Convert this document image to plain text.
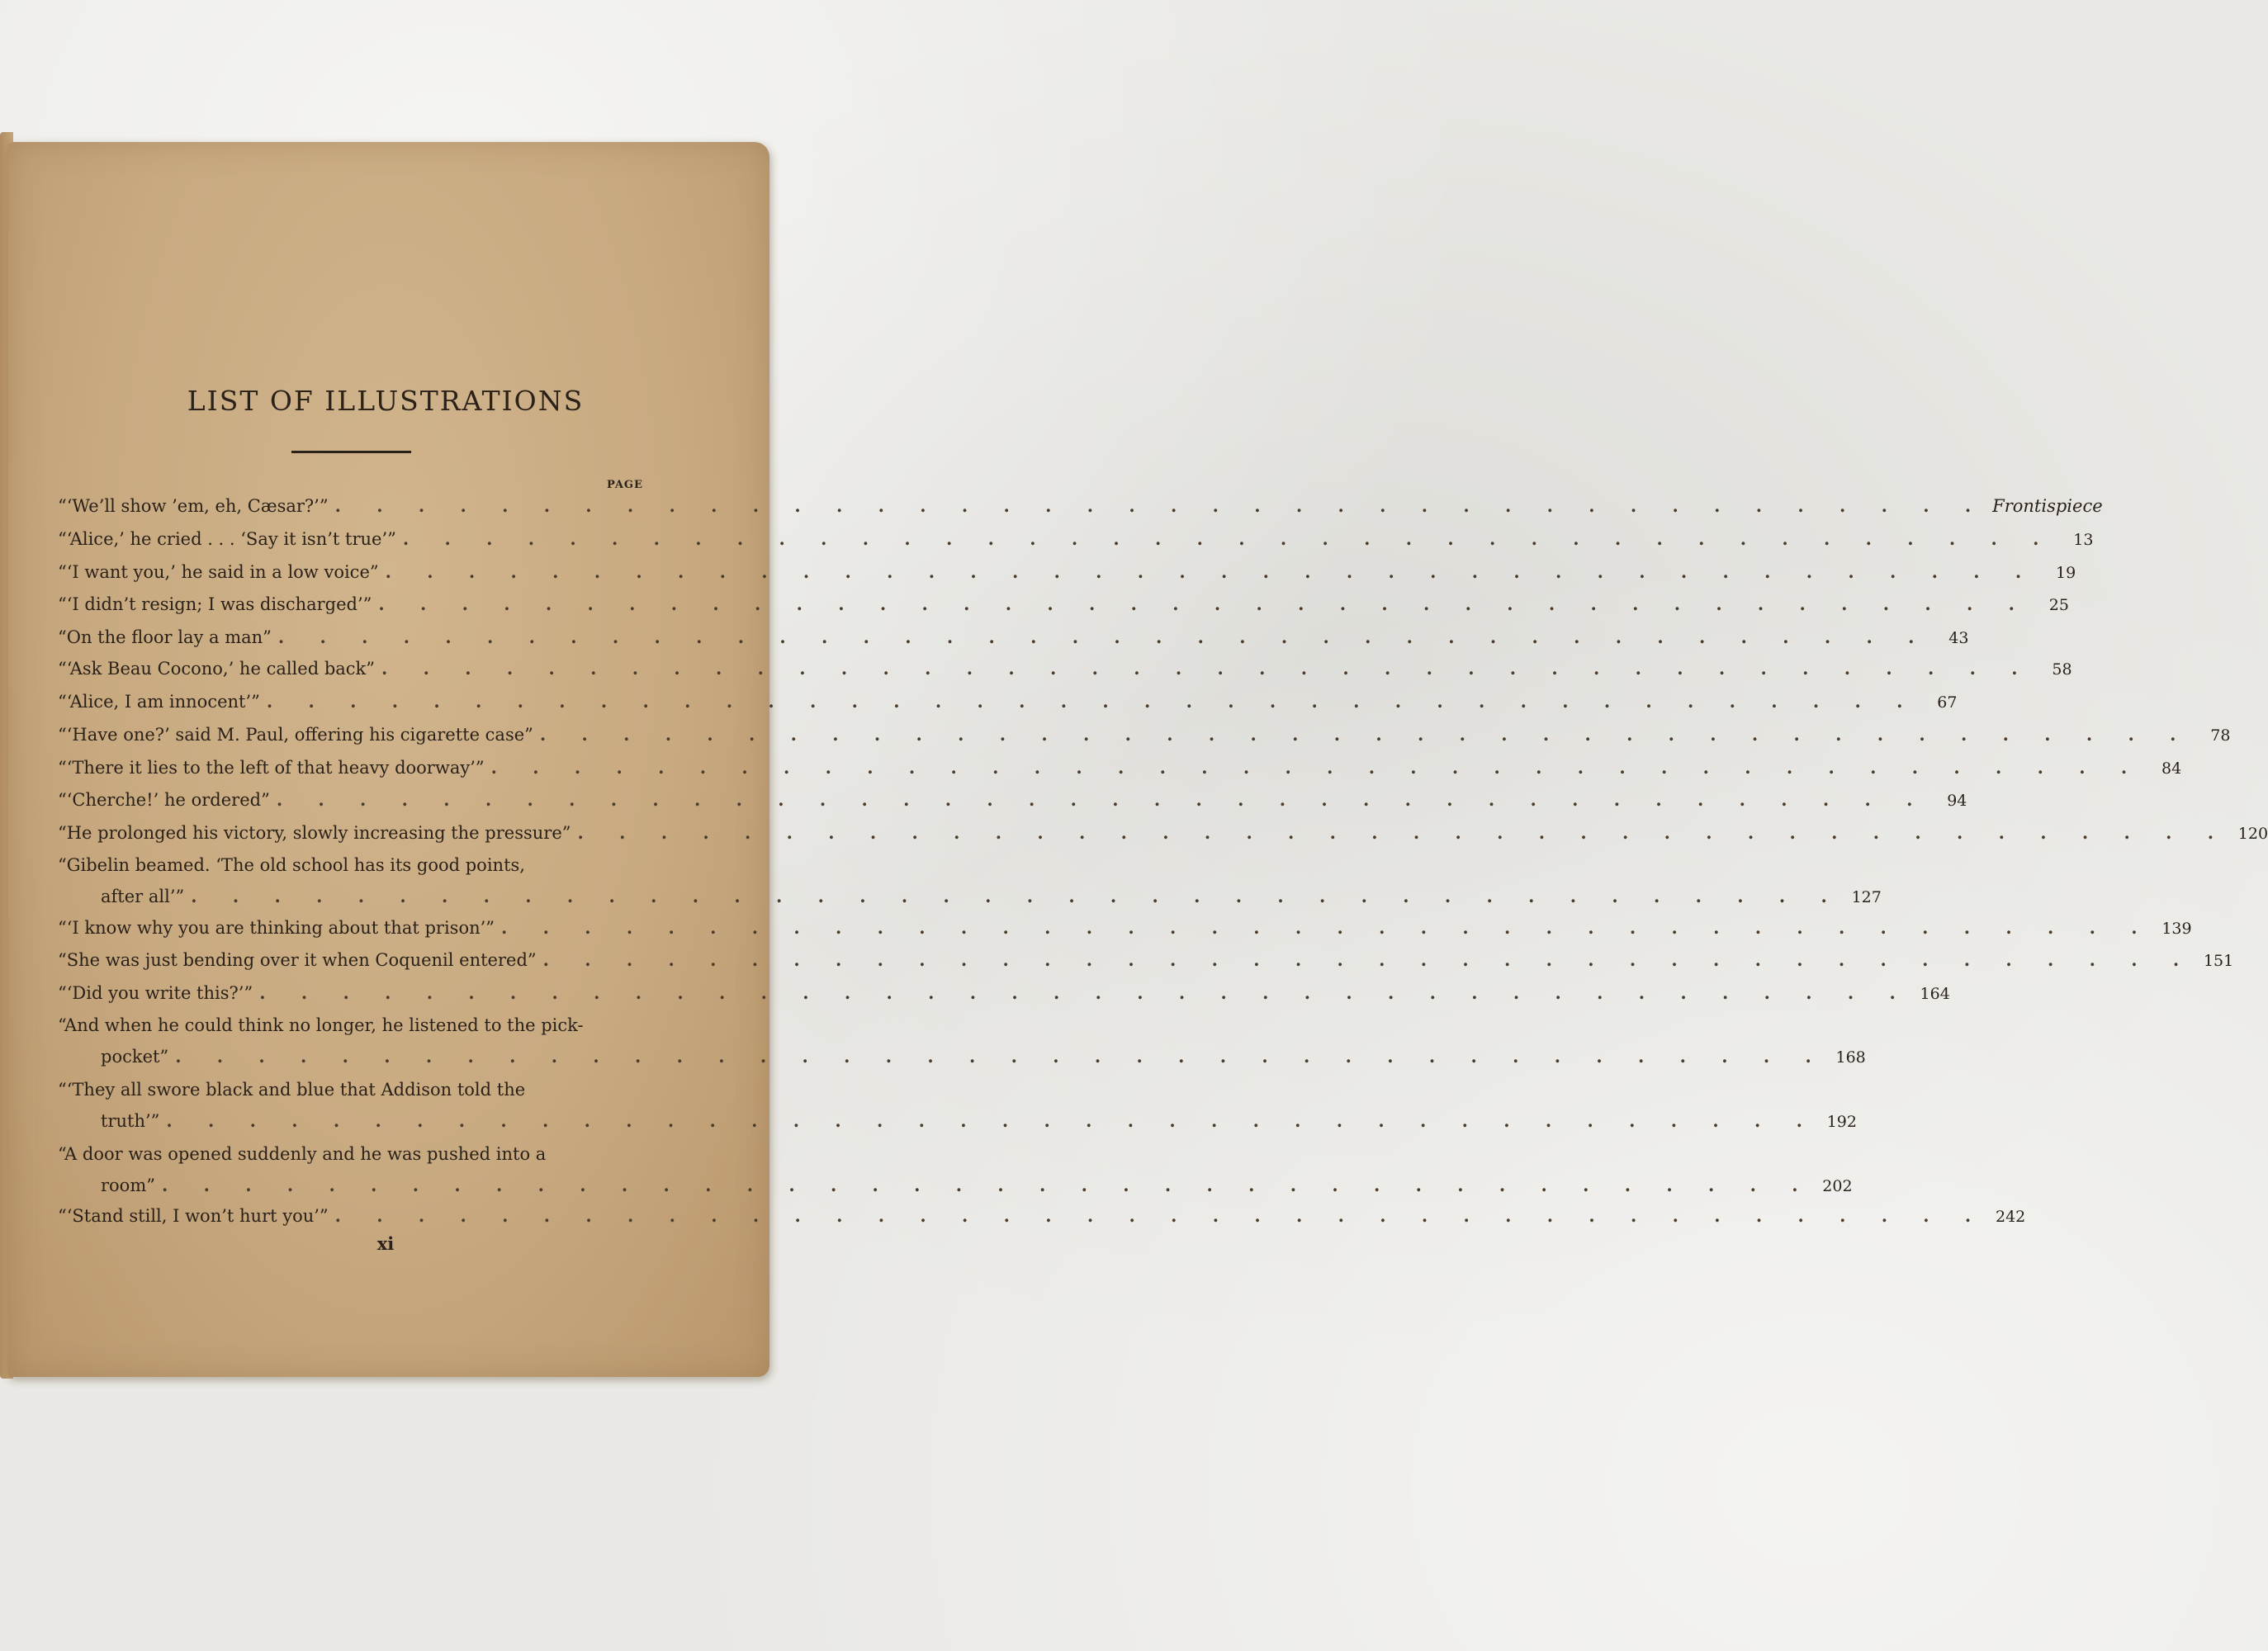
LIST OF ILLUSTRATIONS
PAGE
“‘We’ll show ’em, eh, Cæsar?’” . . . . . . . . . . . . . . . . . . . . . . . . . . . . . . . . . . . . . . . . Frontispiece
“‘Alice,’ he cried . . . ‘Say it isn’t true’” . . . . . . . . . . . . . . . . . . . . . . . . . . . . . . . . . . . . . . . .	13
“‘I want you,’ he said in a low voice” . . . . . . . . . . . . . . . . . . . . . . . . . . . . . . . . . . . . . . . .	19
“‘I didn’t resign; I was discharged’” . . . . . . . . . . . . . . . . . . . . . . . . . . . . . . . . . . . . . . . .	25
“On the floor lay a man” . . . . . . . . . . . . . . . . . . . . . . . . . . . . . . . . . . . . . . . .	43
“‘Ask Beau Cocono,’ he called back” . . . . . . . . . . . . . . . . . . . . . . . . . . . . . . . . . . . . . . . .	58
“‘Alice, I am innocent’” . . . . . . . . . . . . . . . . . . . . . . . . . . . . . . . . . . . . . . . .	67
“‘Have one?’ said M. Paul, offering his cigarette case” . . . . . . . . . . . . . . . . . . . . . . . . . . . . . . . . . . . . . . . .	78
“‘There it lies to the left of that heavy doorway’” . . . . . . . . . . . . . . . . . . . . . . . . . . . . . . . . . . . . . . . .	84
“‘Cherche!’ he ordered” . . . . . . . . . . . . . . . . . . . . . . . . . . . . . . . . . . . . . . . .	94
“He prolonged his victory, slowly increasing the pressure” . . . . . . . . . . . . . . . . . . . . . . . . . . . . . . . . . . . . . . . . 120
“Gibelin beamed. ‘The old school has its good points,
after all’” . . . . . . . . . . . . . . . . . . . . . . . . . . . . . . . . . . . . . . . . 127
“‘I know why you are thinking about that prison’” . . . . . . . . . . . . . . . . . . . . . . . . . . . . . . . . . . . . . . . . 139
“She was just bending over it when Coquenil entered” . . . . . . . . . . . . . . . . . . . . . . . . . . . . . . . . . . . . . . . . 151
“‘Did you write this?’” . . . . . . . . . . . . . . . . . . . . . . . . . . . . . . . . . . . . . . . . 164
“And when he could think no longer, he listened to the pick-
pocket” . . . . . . . . . . . . . . . . . . . . . . . . . . . . . . . . . . . . . . . . 168
“‘They all swore black and blue that Addison told the
truth’” . . . . . . . . . . . . . . . . . . . . . . . . . . . . . . . . . . . . . . . . 192
“A door was opened suddenly and he was pushed into a
room” . . . . . . . . . . . . . . . . . . . . . . . . . . . . . . . . . . . . . . . . 202
“‘Stand still, I won’t hurt you’” . . . . . . . . . . . . . . . . . . . . . . . . . . . . . . . . . . . . . . . . 242
xi
